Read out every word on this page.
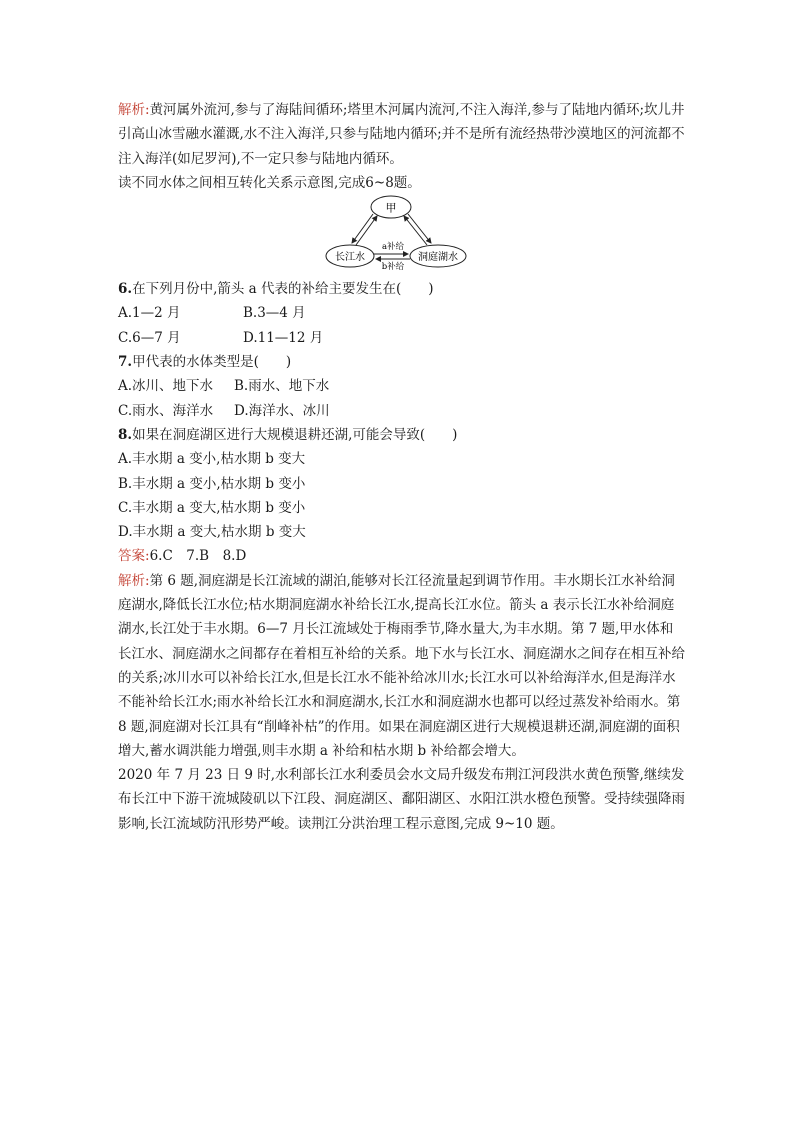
解析:黄河属外流河,参与了海陆间循环;塔里木河属内流河,不注入海洋,参与了陆地内循环;坎儿井引高山冰雪融水灌溉,水不注入海洋,只参与陆地内循环;并不是所有流经热带沙漠地区的河流都不注入海洋(如尼罗河),不一定只参与陆地内循环。

读不同水体之间相互转化关系示意图,完成6~8题。

甲
长江水	洞庭湖水
a补给
b补给

6.在下列月份中,箭头 a 代表的补给主要发生在(　　)

A.1—2 月	B.3—4 月
C.6—7 月	D.11—12 月

7.甲代表的水体类型是(　　)

A.冰川、地下水	B.雨水、地下水
C.雨水、海洋水	D.海洋水、冰川

8.如果在洞庭湖区进行大规模退耕还湖,可能会导致(　　)

A.丰水期 a 变小,枯水期 b 变大

B.丰水期 a 变小,枯水期 b 变小

C.丰水期 a 变大,枯水期 b 变小

D.丰水期 a 变大,枯水期 b 变大

答案:6.C　7.B　8.D

解析:第 6 题,洞庭湖是长江流域的湖泊,能够对长江径流量起到调节作用。丰水期长江水补给洞庭湖水,降低长江水位;枯水期洞庭湖水补给长江水,提高长江水位。箭头 a 表示长江水补给洞庭湖水,长江处于丰水期。6—7 月长江流域处于梅雨季节,降水量大,为丰水期。第 7 题,甲水体和长江水、洞庭湖水之间都存在着相互补给的关系。地下水与长江水、洞庭湖水之间存在相互补给的关系;冰川水可以补给长江水,但是长江水不能补给冰川水;长江水可以补给海洋水,但是海洋水不能补给长江水;雨水补给长江水和洞庭湖水,长江水和洞庭湖水也都可以经过蒸发补给雨水。第 8 题,洞庭湖对长江具有“削峰补枯”的作用。如果在洞庭湖区进行大规模退耕还湖,洞庭湖的面积增大,蓄水调洪能力增强,则丰水期 a 补给和枯水期 b 补给都会增大。

2020 年 7 月 23 日 9 时,水利部长江水利委员会水文局升级发布荆江河段洪水黄色预警,继续发布长江中下游干流城陵矶以下江段、洞庭湖区、鄱阳湖区、水阳江洪水橙色预警。受持续强降雨影响,长江流域防汛形势严峻。读荆江分洪治理工程示意图,完成 9~10 题。
